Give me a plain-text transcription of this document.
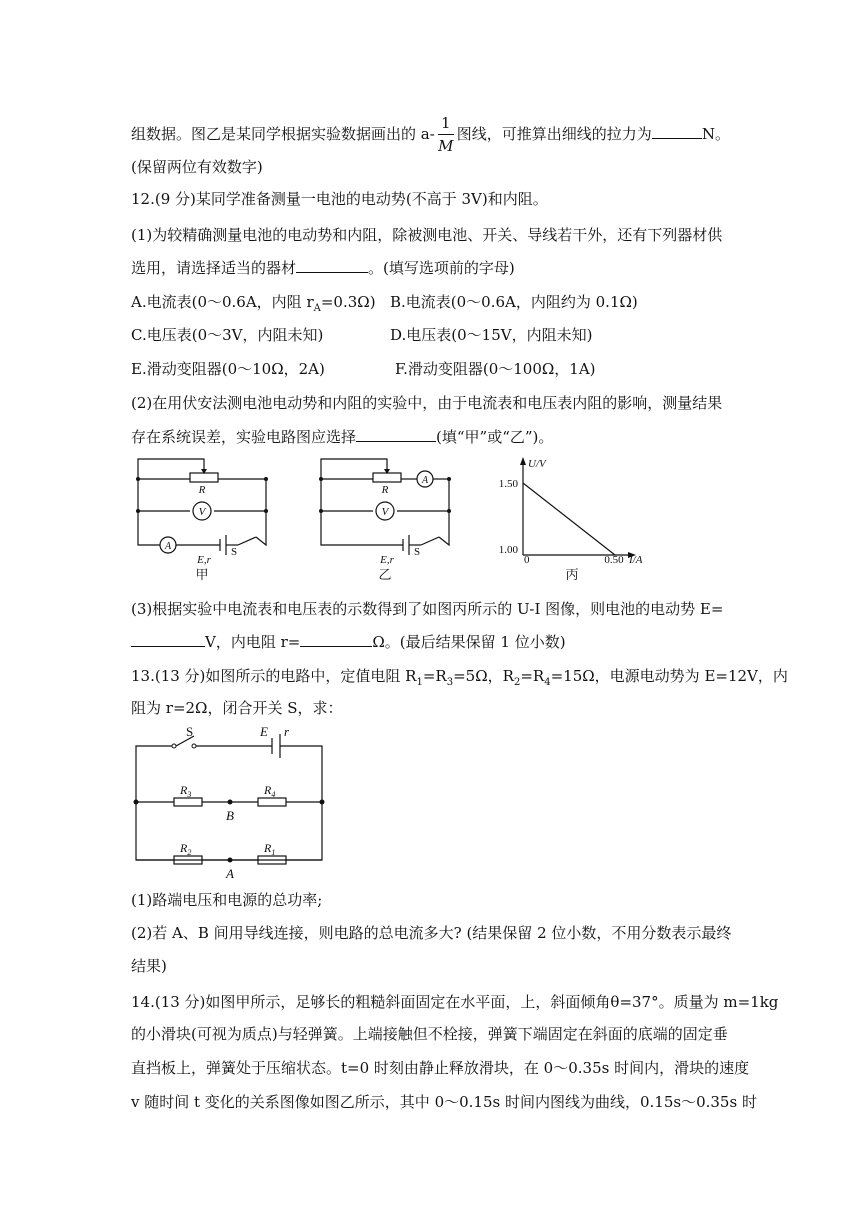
组数据。图乙是某同学根据实验数据画出的 $a- \frac{1}{M}$ 图线，可推算出细线的拉力为	N。
(保留两位有效数字)
12.(9 分)某同学准备测量一电池的电动势(不高于 3V)和内阻。
(1)为较精确测量电池的电动势和内阻，除被测电池、开关、导线若干外，还有下列器材供
选用，请选择适当的器材	。(填写选项前的字母)
A.电流表(0～0.6A，内阻 $r_A=0.3\Omega$) B.电流表(0～0.6A，内阻约为 0.1Ω)
C.电压表(0～3V，内阻未知)	D.电压表(0～15V，内阻未知)
E.滑动变阻器(0～10Ω，2A)	F.滑动变阻器(0～100Ω，1A)
(2)在用伏安法测电池电动势和内阻的实验中，由于电流表和电压表内阻的影响，测量结果
存在系统误差，实验电路图应选择	(填“甲”或“乙”)。
R
V
A
E,r
S
甲
R
V
A
E,r
S
乙
U/V
1.50
1.00
0	0.50 I/A
丙
(3)根据实验中电流表和电压表的示数得到了如图丙所示的 U-I 图像，则电池的电动势 E=
V，内电阻 r=	Ω。(最后结果保留 1 位小数)
13.(13 分)如图所示的电路中，定值电阻 $R_1=R_3=5\Omega$，$R_2=R_4=15\Omega$，电源电动势为 E=12V，内
阻为 r=2Ω，闭合开关 S，求：
S	E r
$R_3$	$R_4$
$R_2$	$R_1$
B
A
(1)路端电压和电源的总功率;
(2)若 A、B 间用导线连接，则电路的总电流多大? (结果保留 2 位小数，不用分数表示最终
结果)
14.(13 分)如图甲所示，足够长的粗糙斜面固定在水平面，上，斜面倾角θ=37°。质量为 m=1kg
的小滑块(可视为质点)与轻弹簧。上端接触但不栓接，弹簧下端固定在斜面的底端的固定垂
直挡板上，弹簧处于压缩状态。t=0 时刻由静止释放滑块，在 0～0.35s 时间内，滑块的速度
v 随时间 t 变化的关系图像如图乙所示，其中 0～0.15s 时间内图线为曲线，0.15s～0.35s 时
